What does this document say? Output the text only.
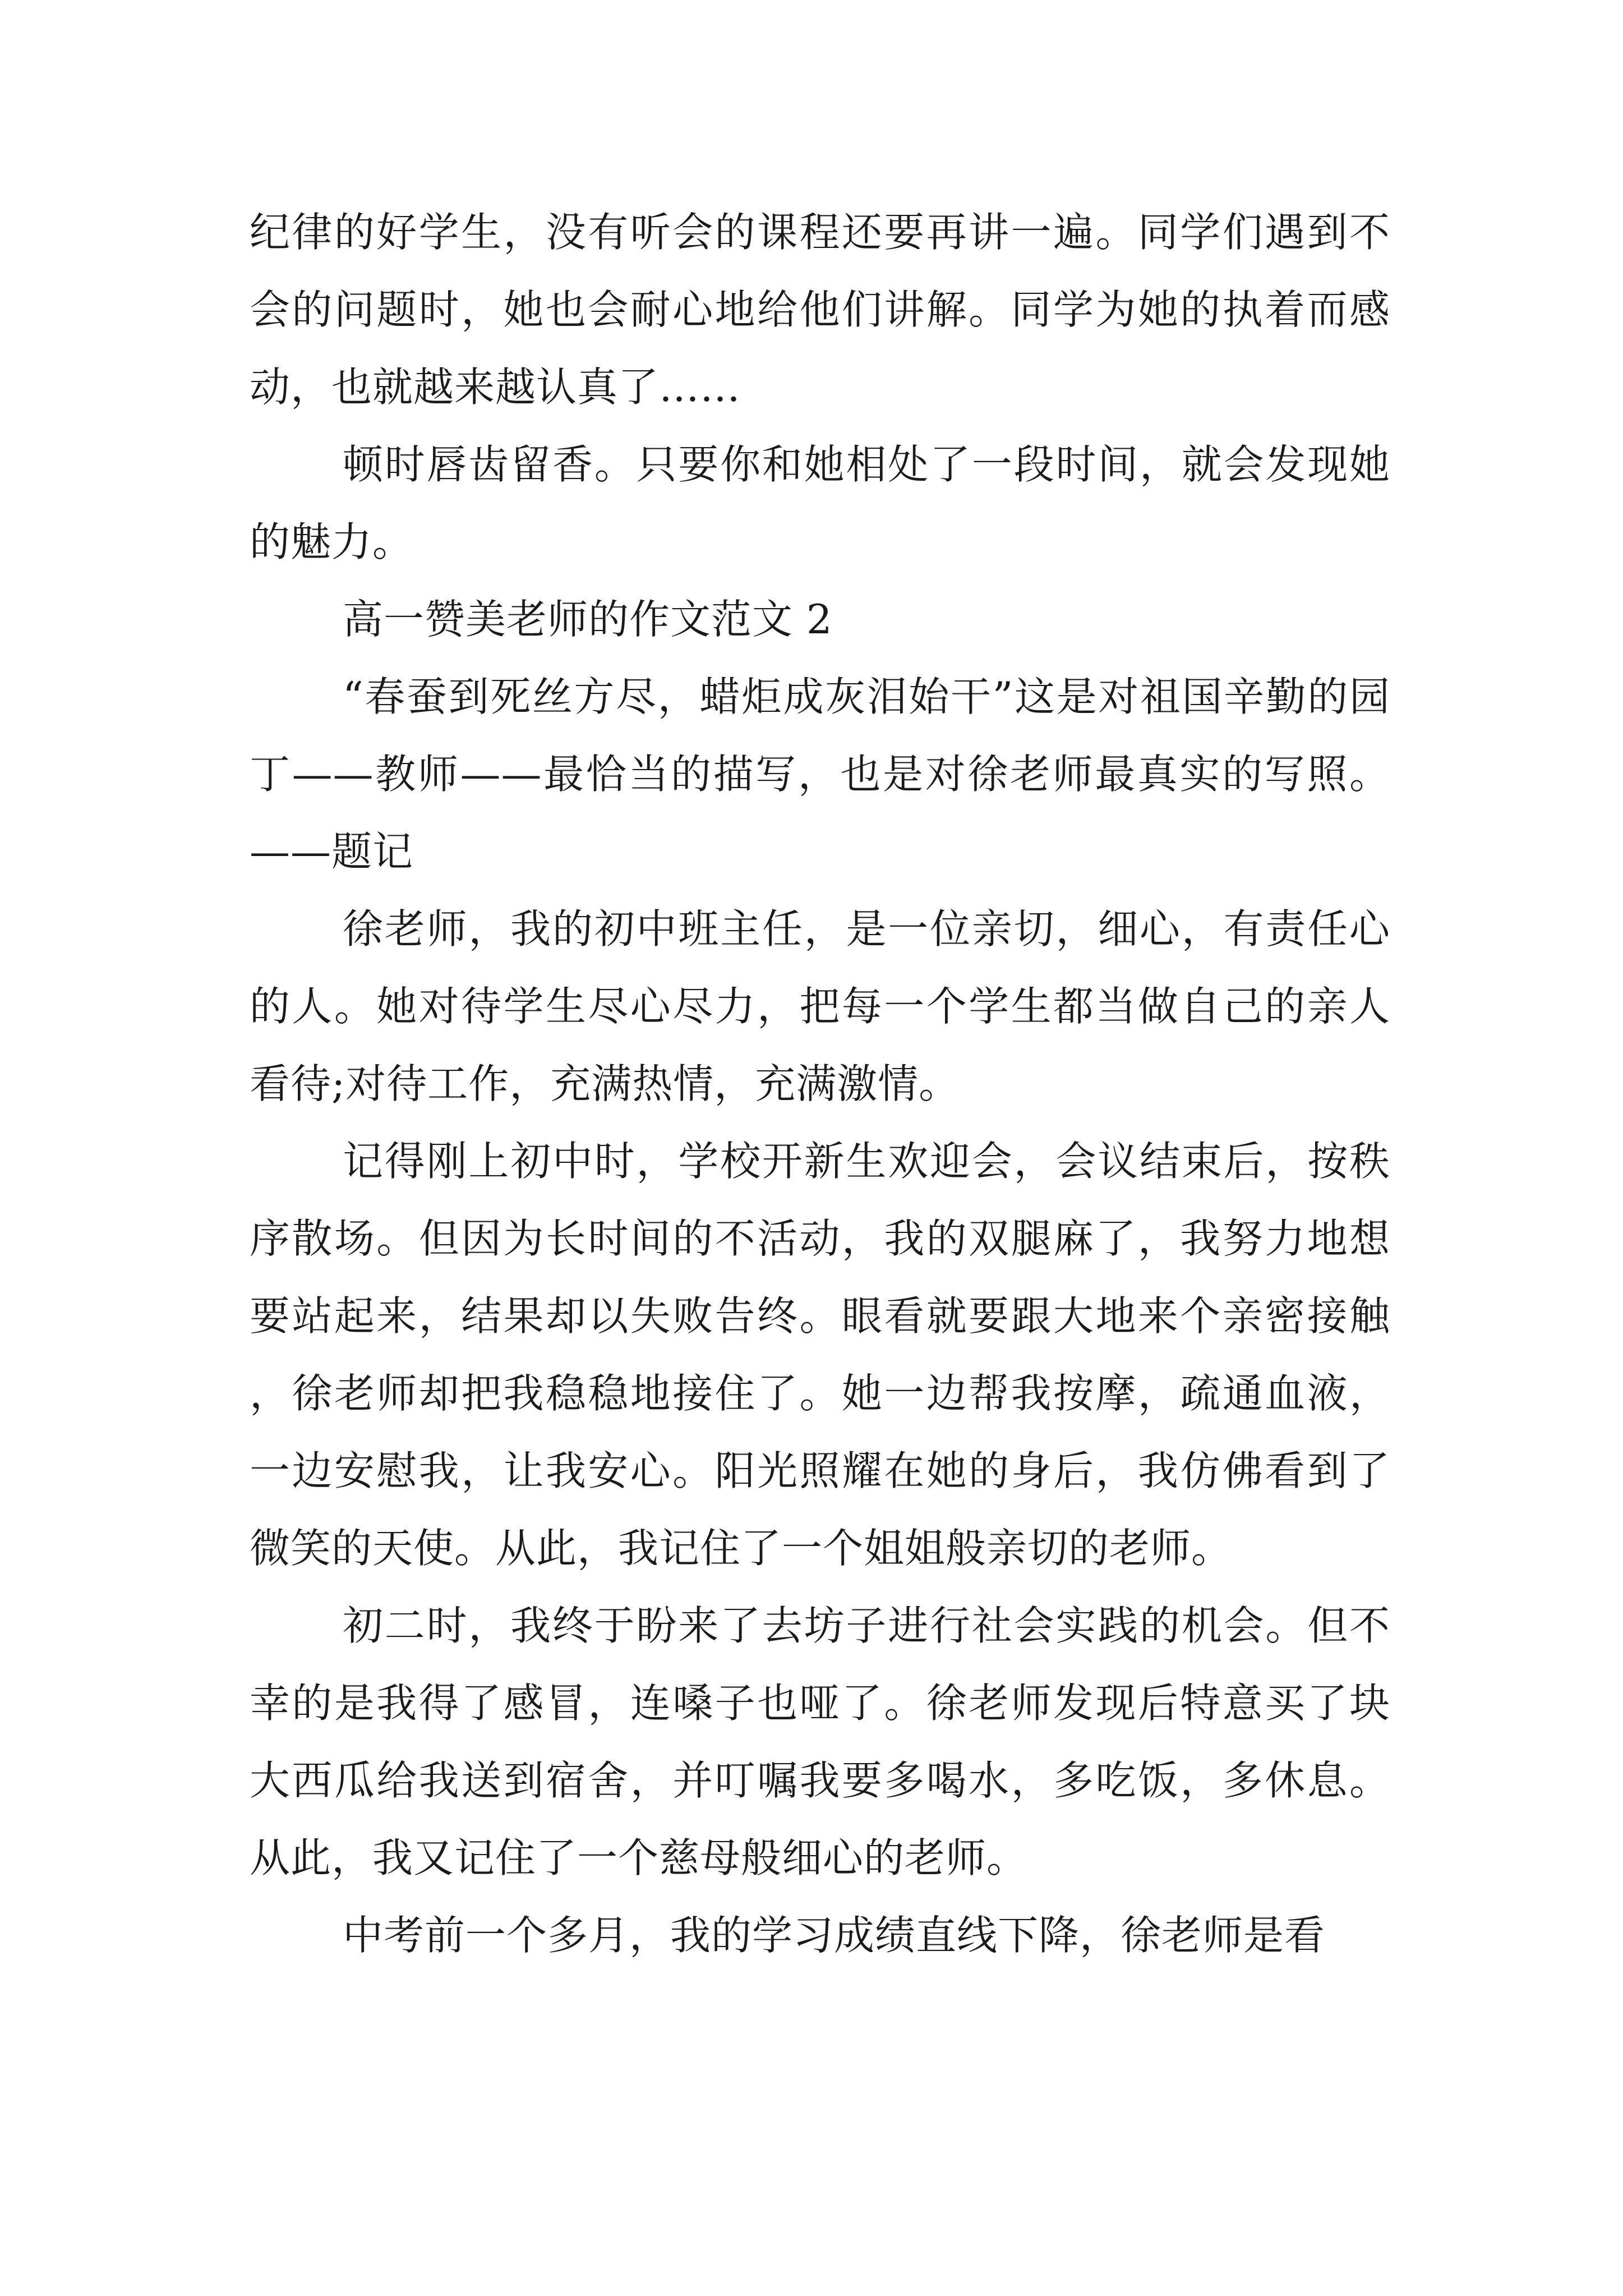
纪律的好学生，没有听会的课程还要再讲一遍。同学们遇到不会的问题时，她也会耐心地给他们讲解。同学为她的执着而感动，也就越来越认真了……

顿时唇齿留香。只要你和她相处了一段时间，就会发现她的魅力。

高一赞美老师的作文范文 2

“春蚕到死丝方尽，蜡炬成灰泪始干”这是对祖国辛勤的园丁——教师——最恰当的描写，也是对徐老师最真实的写照。——题记

徐老师，我的初中班主任，是一位亲切，细心，有责任心的人。她对待学生尽心尽力，把每一个学生都当做自己的亲人看待;对待工作，充满热情，充满激情。

记得刚上初中时，学校开新生欢迎会，会议结束后，按秩序散场。但因为长时间的不活动，我的双腿麻了，我努力地想要站起来，结果却以失败告终。眼看就要跟大地来个亲密接触，徐老师却把我稳稳地接住了。她一边帮我按摩，疏通血液，一边安慰我，让我安心。阳光照耀在她的身后，我仿佛看到了微笑的天使。从此，我记住了一个姐姐般亲切的老师。

初二时，我终于盼来了去坊子进行社会实践的机会。但不幸的是我得了感冒，连嗓子也哑了。徐老师发现后特意买了块大西瓜给我送到宿舍，并叮嘱我要多喝水，多吃饭，多休息。从此，我又记住了一个慈母般细心的老师。

中考前一个多月，我的学习成绩直线下降，徐老师是看
